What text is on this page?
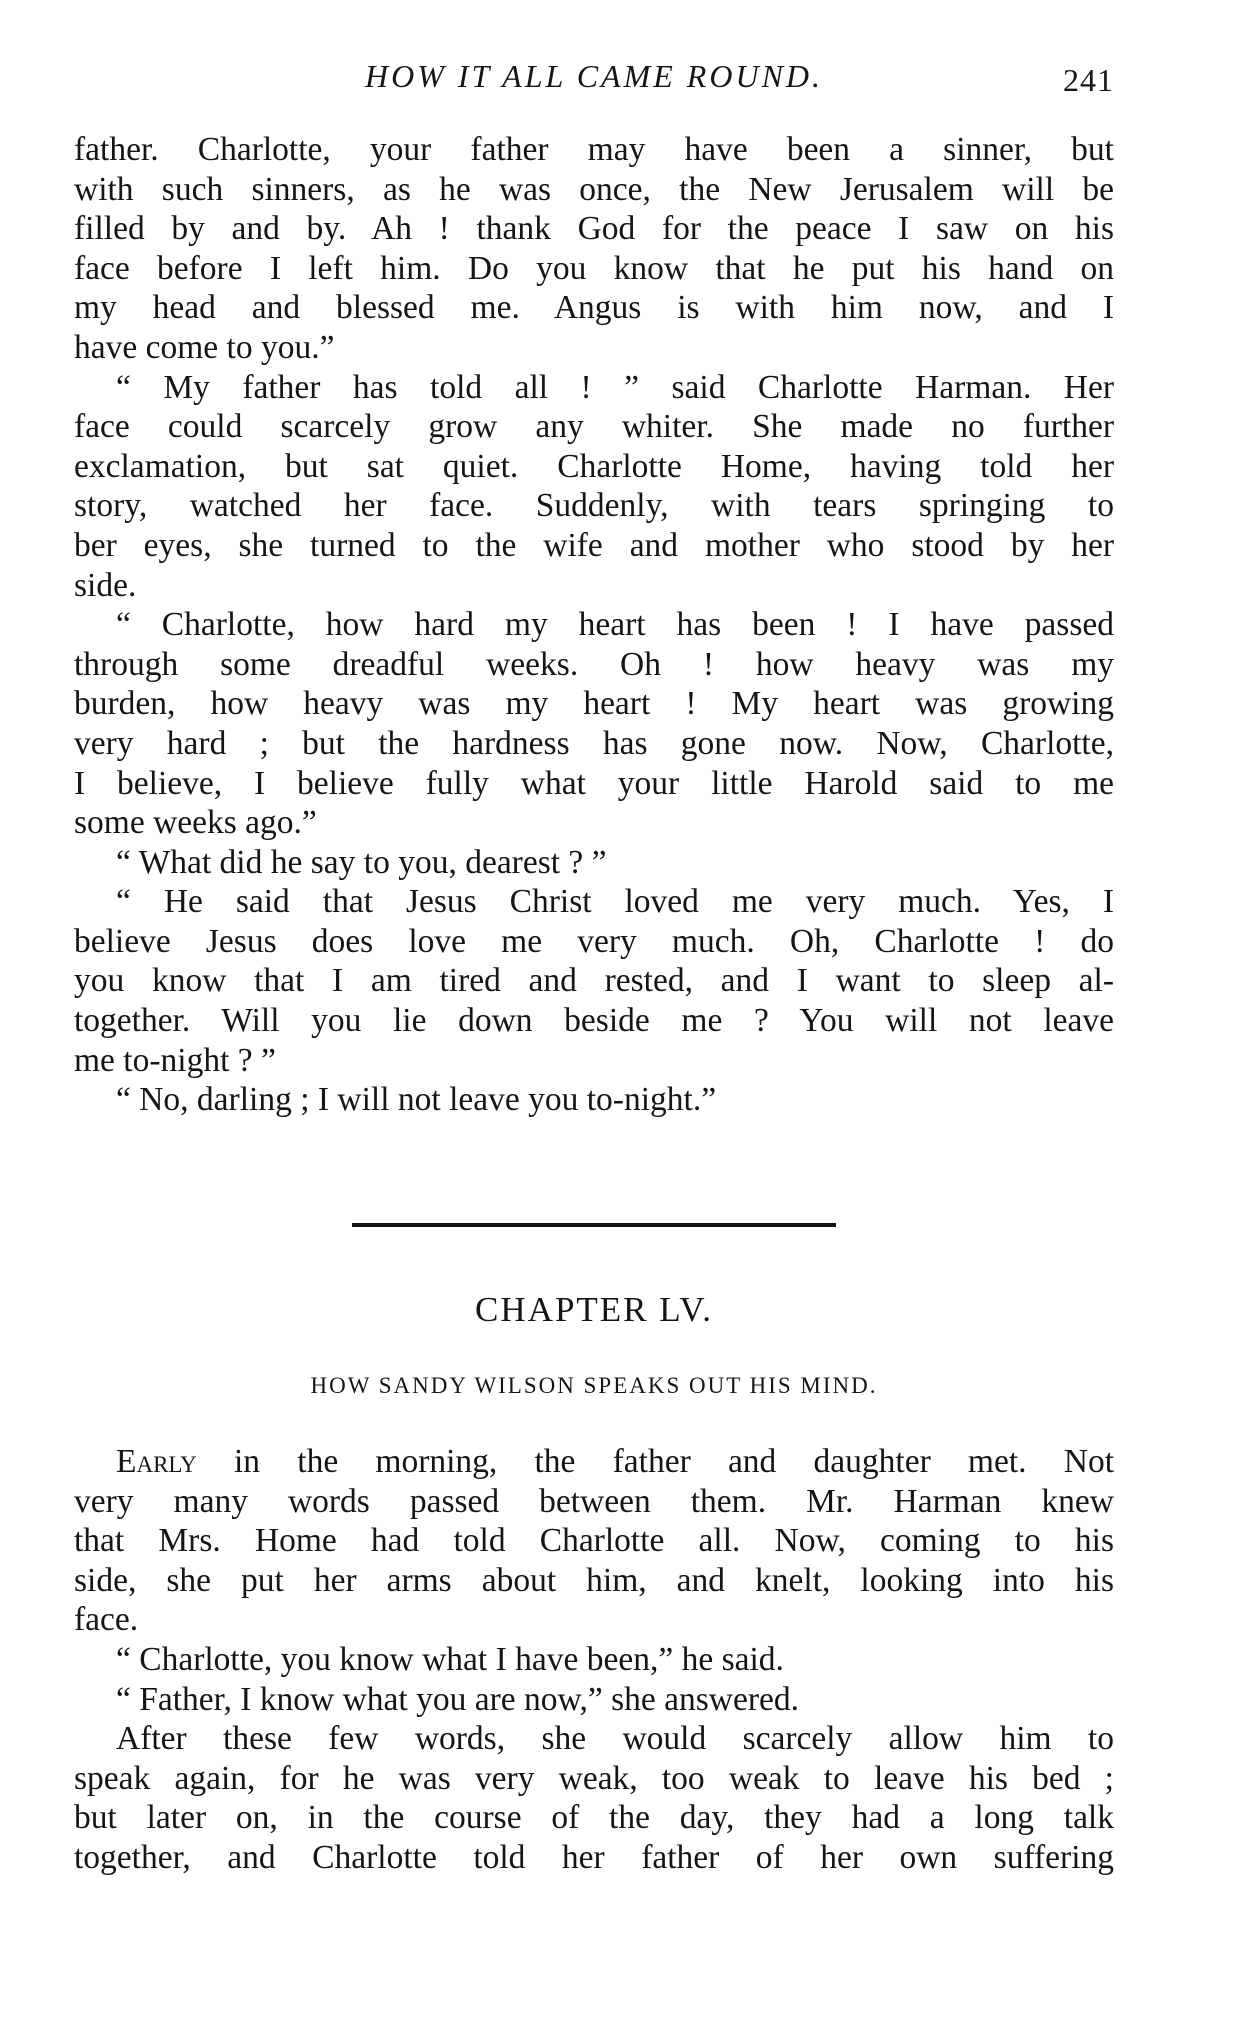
HOW IT ALL CAME ROUND.	241
father. Charlotte, your father may have been a sinner, but
with such sinners, as he was once, the New Jerusalem will be
filled by and by. Ah ! thank God for the peace I saw on his
face before I left him. Do you know that he put his hand on
my head and blessed me. Angus is with him now, and I
have come to you.”
“ My father has told all ! ” said Charlotte Harman. Her
face could scarcely grow any whiter. She made no further
exclamation, but sat quiet. Charlotte Home, having told her
story, watched her face. Suddenly, with tears springing to
ber eyes, she turned to the wife and mother who stood by her
side.
“ Charlotte, how hard my heart has been ! I have passed
through some dreadful weeks. Oh ! how heavy was my
burden, how heavy was my heart ! My heart was growing
very hard ; but the hardness has gone now. Now, Charlotte,
I believe, I believe fully what your little Harold said to me
some weeks ago.”
“ What did he say to you, dearest ? ”
“ He said that Jesus Christ loved me very much. Yes, I
believe Jesus does love me very much. Oh, Charlotte ! do
you know that I am tired and rested, and I want to sleep al-
together. Will you lie down beside me ? You will not leave
me to-night ? ”
“ No, darling ; I will not leave you to-night.”
CHAPTER LV.
HOW SANDY WILSON SPEAKS OUT HIS MIND.
Early in the morning, the father and daughter met. Not
very many words passed between them. Mr. Harman knew
that Mrs. Home had told Charlotte all. Now, coming to his
side, she put her arms about him, and knelt, looking into his
face.
“ Charlotte, you know what I have been,” he said.
“ Father, I know what you are now,” she answered.
After these few words, she would scarcely allow him to
speak again, for he was very weak, too weak to leave his bed ;
but later on, in the course of the day, they had a long talk
together, and Charlotte told her father of her own suffering
